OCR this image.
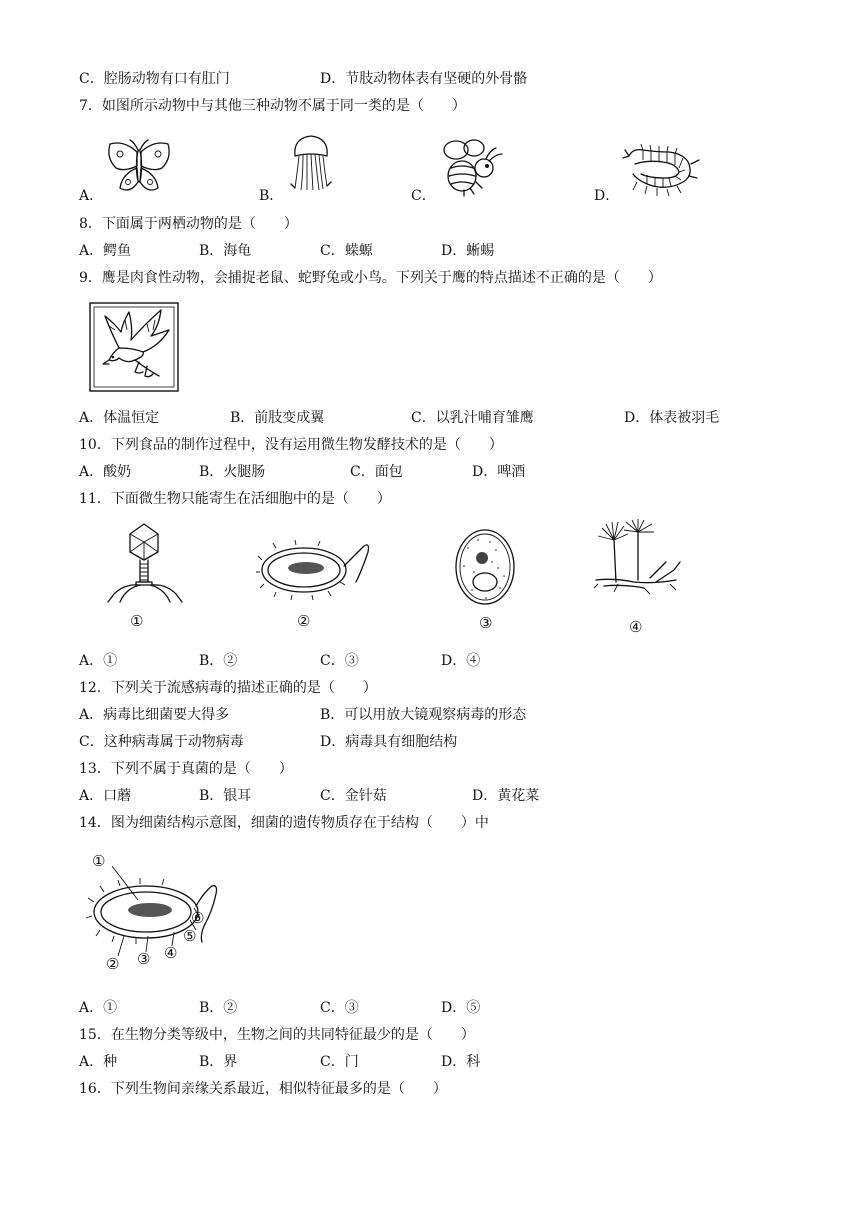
C．腔肠动物有口有肛门	D．节肢动物体表有坚硬的外骨骼
7．如图所示动物中与其他三种动物不属于同一类的是（　　）
A．	B．	C．	D．
8．下面属于两栖动物的是（　　）
A．鳄鱼	B．海龟	C．蝾螈	D．蜥蜴
9．鹰是肉食性动物，会捕捉老鼠、蛇野兔或小鸟。下列关于鹰的特点描述不正确的是（　　）
A．体温恒定	B．前肢变成翼	C．以乳汁哺育雏鹰	D．体表被羽毛
10．下列食品的制作过程中，没有运用微生物发酵技术的是（　　）
A．酸奶	B．火腿肠	C．面包	D．啤酒
11．下面微生物只能寄生在活细胞中的是（　　）
①	②	③	④
A．①	B．②	C．③	D．④
12．下列关于流感病毒的描述正确的是（　　）
A．病毒比细菌要大得多	B．可以用放大镜观察病毒的形态
C．这种病毒属于动物病毒	D．病毒具有细胞结构
13．下列不属于真菌的是（　　）
A．口蘑	B．银耳	C．金针菇	D．黄花菜
14．图为细菌结构示意图，细菌的遗传物质存在于结构（　　）中
①
② ③ ④
⑤
⑥
A．①	B．②	C．③	D．⑤
15．在生物分类等级中，生物之间的共同特征最少的是（　　）
A．种	B．界	C．门	D．科
16．下列生物间亲缘关系最近，相似特征最多的是（　　）
